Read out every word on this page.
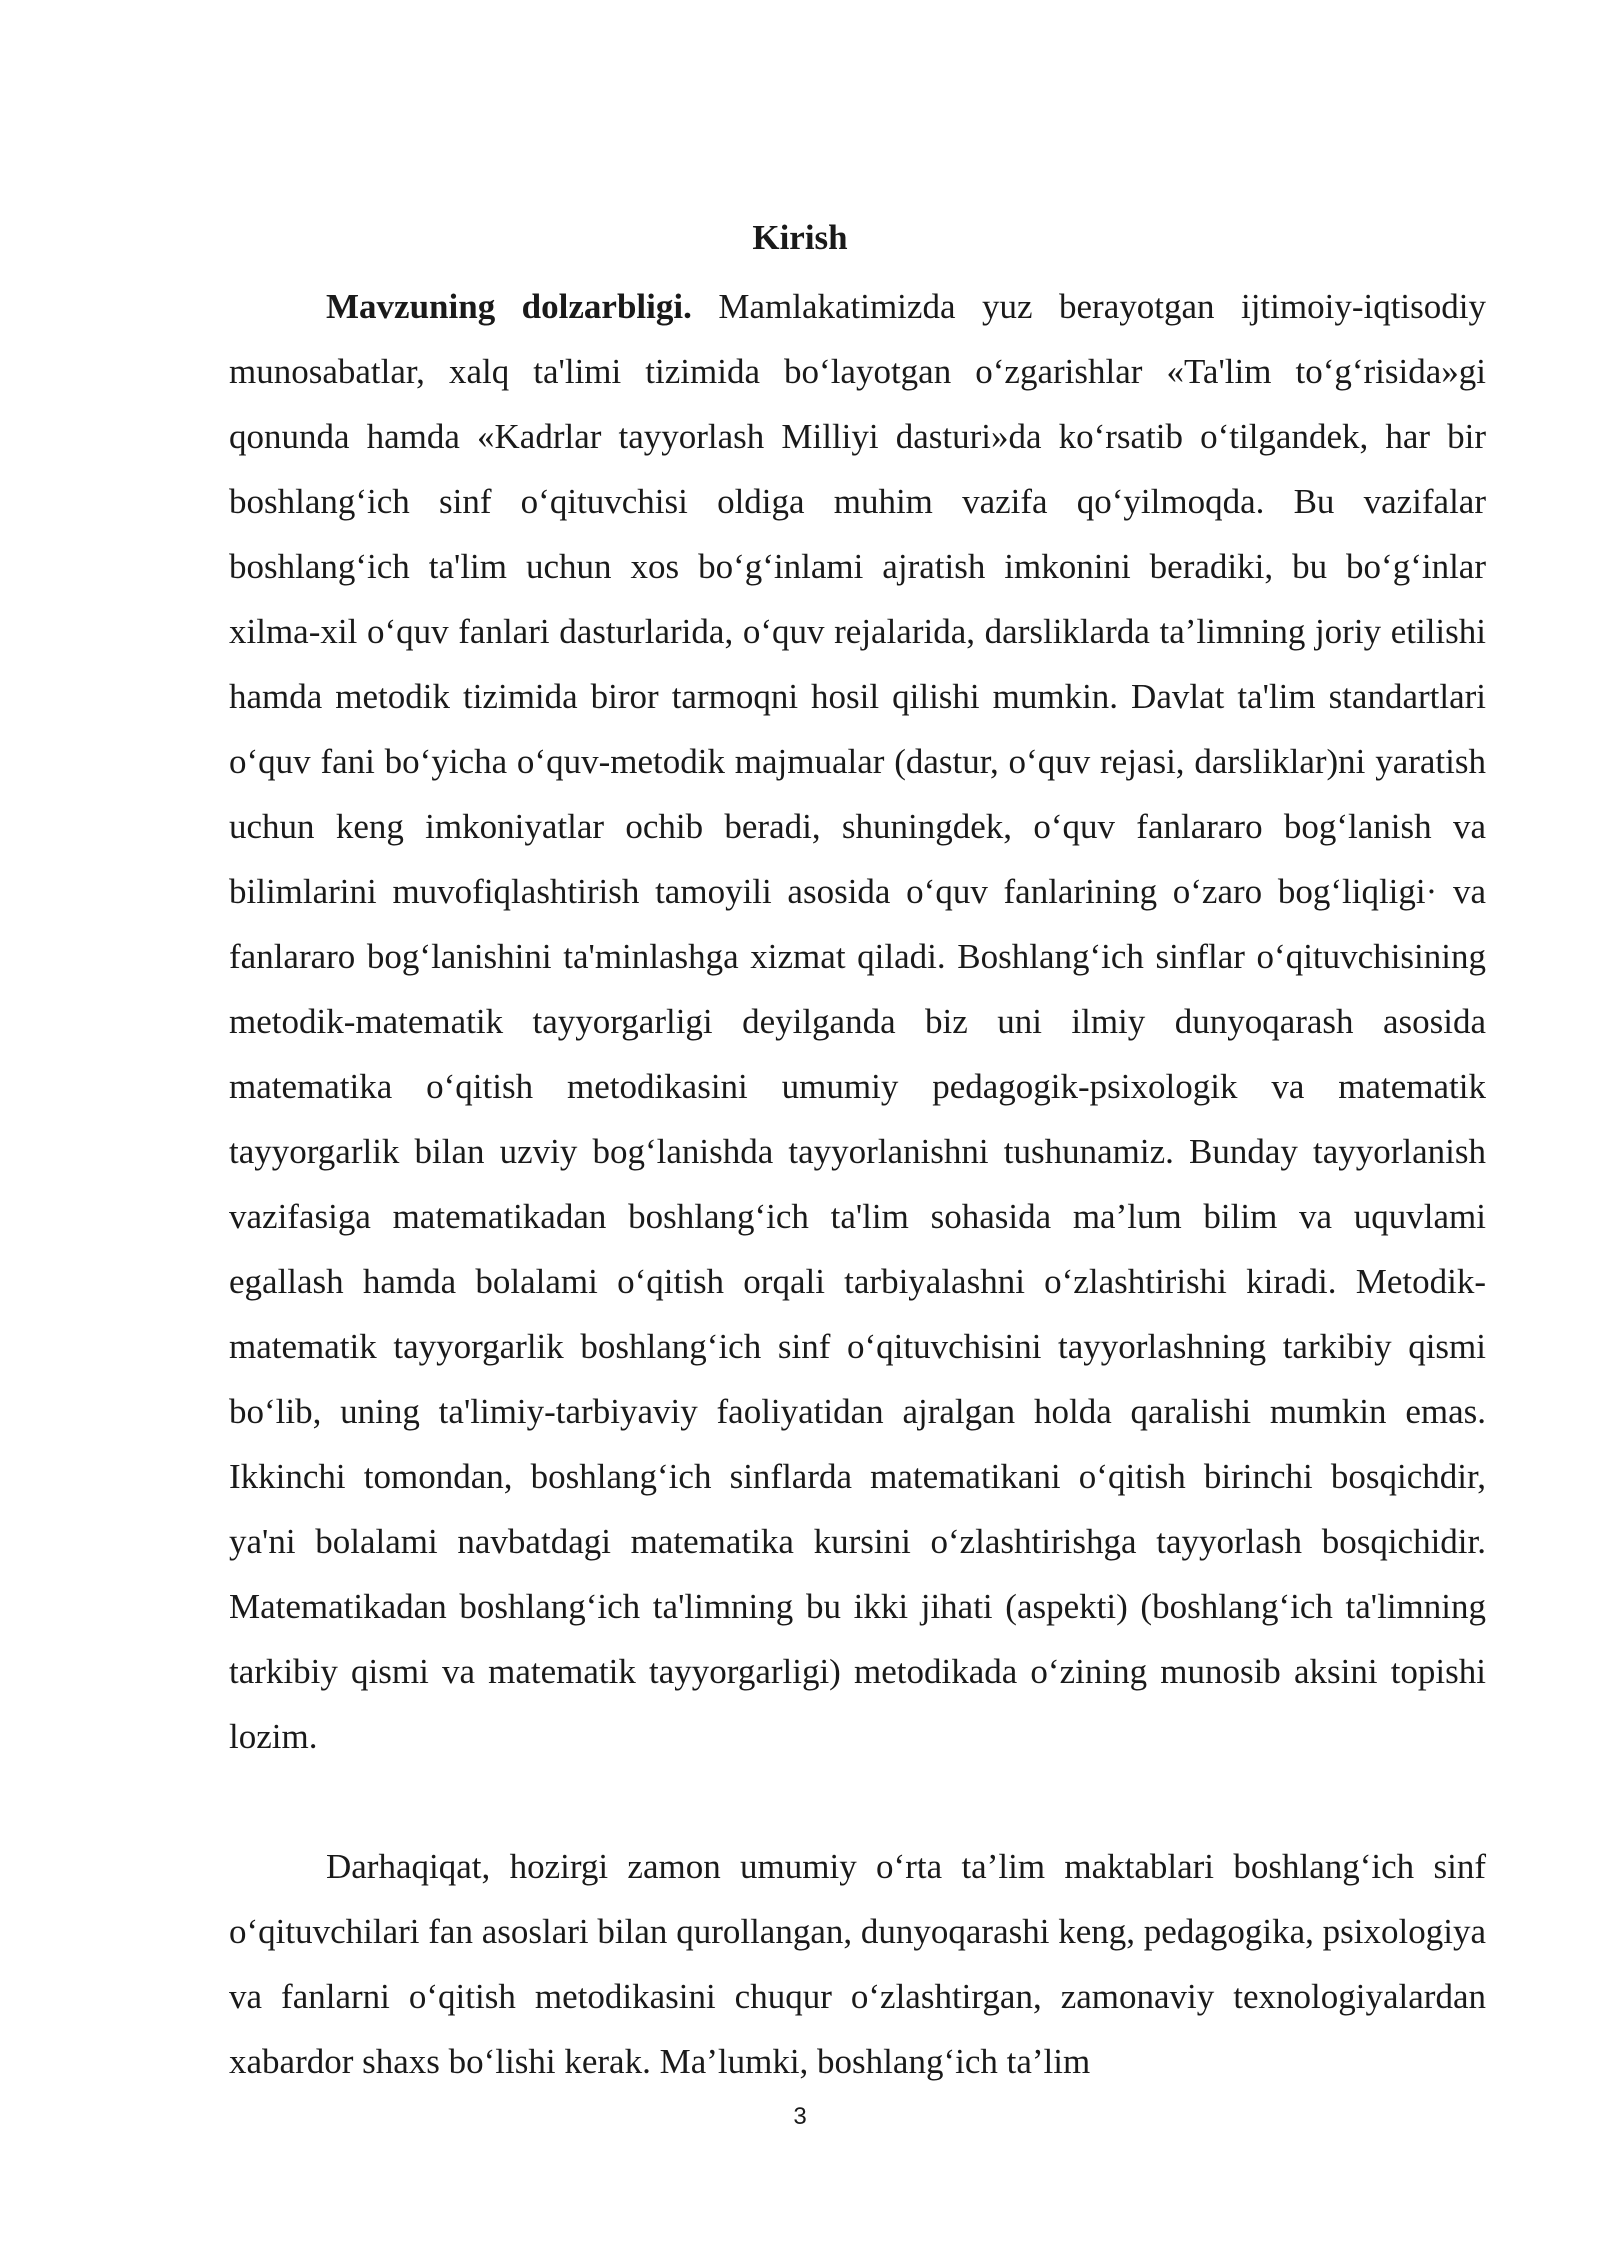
Kirish

Mavzuning dolzarbligi. Mamlakatimizda yuz berayotgan ijtimoiy-iqtisodiy munosabatlar, xalq ta'limi tizimida bo‘layotgan o‘zgarishlar «Ta'lim to‘g‘risida»gi qonunda hamda «Kadrlar tayyorlash Milliyi dasturi»da ko‘rsatib o‘tilgandek, har bir boshlang‘ich sinf o‘qituvchisi oldiga muhim vazifa qo‘yilmoqda. Bu vazifalar boshlang‘ich ta'lim uchun xos bo‘g‘inlami ajratish imkonini beradiki, bu bo‘g‘inlar xilma-xil o‘quv fanlari dasturlarida, o‘quv rejalarida, darsliklarda ta’limning joriy etilishi hamda metodik tizimida biror tarmoqni hosil qilishi mumkin. Davlat ta'lim standartlari o‘quv fani bo‘yicha o‘quv-metodik majmualar (dastur, o‘quv rejasi, darsliklar)ni yaratish uchun keng imkoniyatlar ochib beradi, shuningdek, o‘quv fanlararo bog‘lanish va bilimlarini muvofiqlashtirish tamoyili asosida o‘quv fanlarining o‘zaro bog‘liqligi· va fanlararo bog‘lanishini ta'minlashga xizmat qiladi. Boshlang‘ich sinflar o‘qituvchisining metodik-matematik tayyorgarligi deyilganda biz uni ilmiy dunyoqarash asosida matematika o‘qitish metodikasini umumiy pedagogik-psixologik va matematik tayyorgarlik bilan uzviy bog‘lanishda tayyorlanishni tushunamiz. Bunday tayyorlanish vazifasiga matematikadan boshlang‘ich ta'lim sohasida ma’lum bilim va uquvlami egallash hamda bolalami o‘qitish orqali tarbiyalashni o‘zlashtirishi kiradi. Metodik-matematik tayyorgarlik boshlang‘ich sinf o‘qituvchisini tayyorlashning tarkibiy qismi bo‘lib, uning ta'limiy-tarbiyaviy faoliyatidan ajralgan holda qaralishi mumkin emas. Ikkinchi tomondan, boshlang‘ich sinflarda matematikani o‘qitish birinchi bosqichdir, ya'ni bolalami navbatdagi matematika kursini o‘zlashtirishga tayyorlash bosqichidir. Matematikadan boshlang‘ich ta'limning bu ikki jihati (aspekti) (boshlang‘ich ta'limning tarkibiy qismi va matematik tayyorgarligi) metodikada o‘zining munosib aksini topishi lozim.

Darhaqiqat, hozirgi zamon umumiy o‘rta ta’lim maktablari boshlang‘ich sinf o‘qituvchilari fan asoslari bilan qurollangan, dunyoqarashi keng, pedagogika, psixologiya va fanlarni o‘qitish metodikasini chuqur o‘zlashtirgan, zamonaviy texnologiyalardan xabardor shaxs bo‘lishi kerak. Ma’lumki, boshlang‘ich ta’lim

3
